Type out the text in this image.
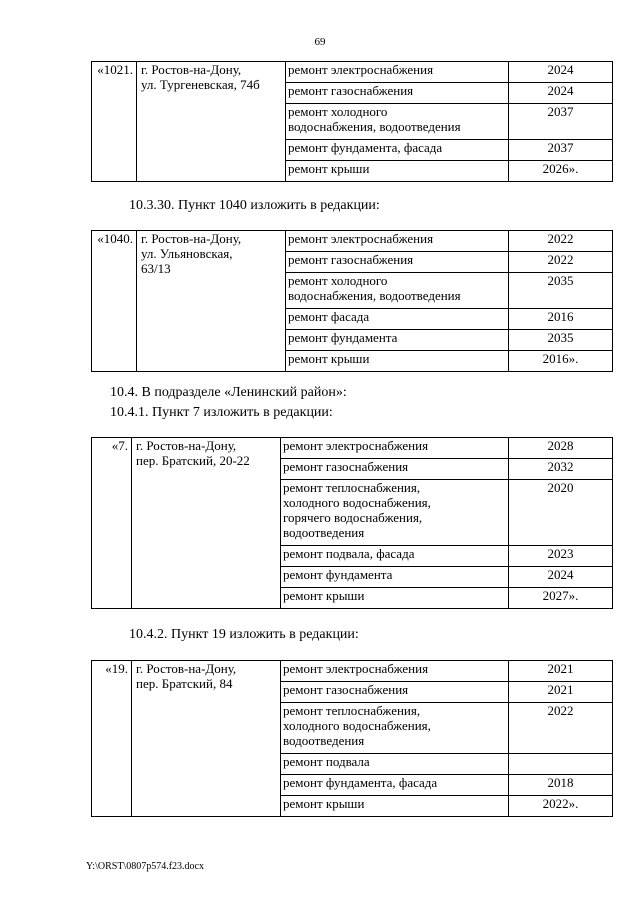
69
«1021.	г. Ростов-на-Дону,
ул. Тургеневская, 74б	ремонт электроснабжения	2024

		ремонт газоснабжения	2024

		ремонт холодного
водоснабжения, водоотведения	2037

		ремонт фундамента, фасада	2037

		ремонт крыши	2026».
10.3.30. Пункт 1040 изложить в редакции:
«1040.	г. Ростов-на-Дону,
ул. Ульяновская,
63/13	ремонт электроснабжения	2022

		ремонт газоснабжения	2022

		ремонт холодного
водоснабжения, водоотведения	2035

		ремонт фасада	2016

		ремонт фундамента	2035

		ремонт крыши	2016».
10.4. В подразделе «Ленинский район»:
10.4.1. Пункт 7 изложить в редакции:
«7.	г. Ростов-на-Дону,
пер. Братский, 20-22	ремонт электроснабжения	2028

		ремонт газоснабжения	2032

		ремонт теплоснабжения,
холодного водоснабжения,
горячего водоснабжения,
водоотведения	2020

		ремонт подвала, фасада	2023

		ремонт фундамента	2024

		ремонт крыши	2027».
10.4.2. Пункт 19 изложить в редакции:
«19.	г. Ростов-на-Дону,
пер. Братский, 84	ремонт электроснабжения	2021

		ремонт газоснабжения	2021

		ремонт теплоснабжения,
холодного водоснабжения,
водоотведения	2022

		ремонт подвала	

		ремонт фундамента, фасада	2018

		ремонт крыши	2022».
Y:\ORST\0807p574.f23.docx
